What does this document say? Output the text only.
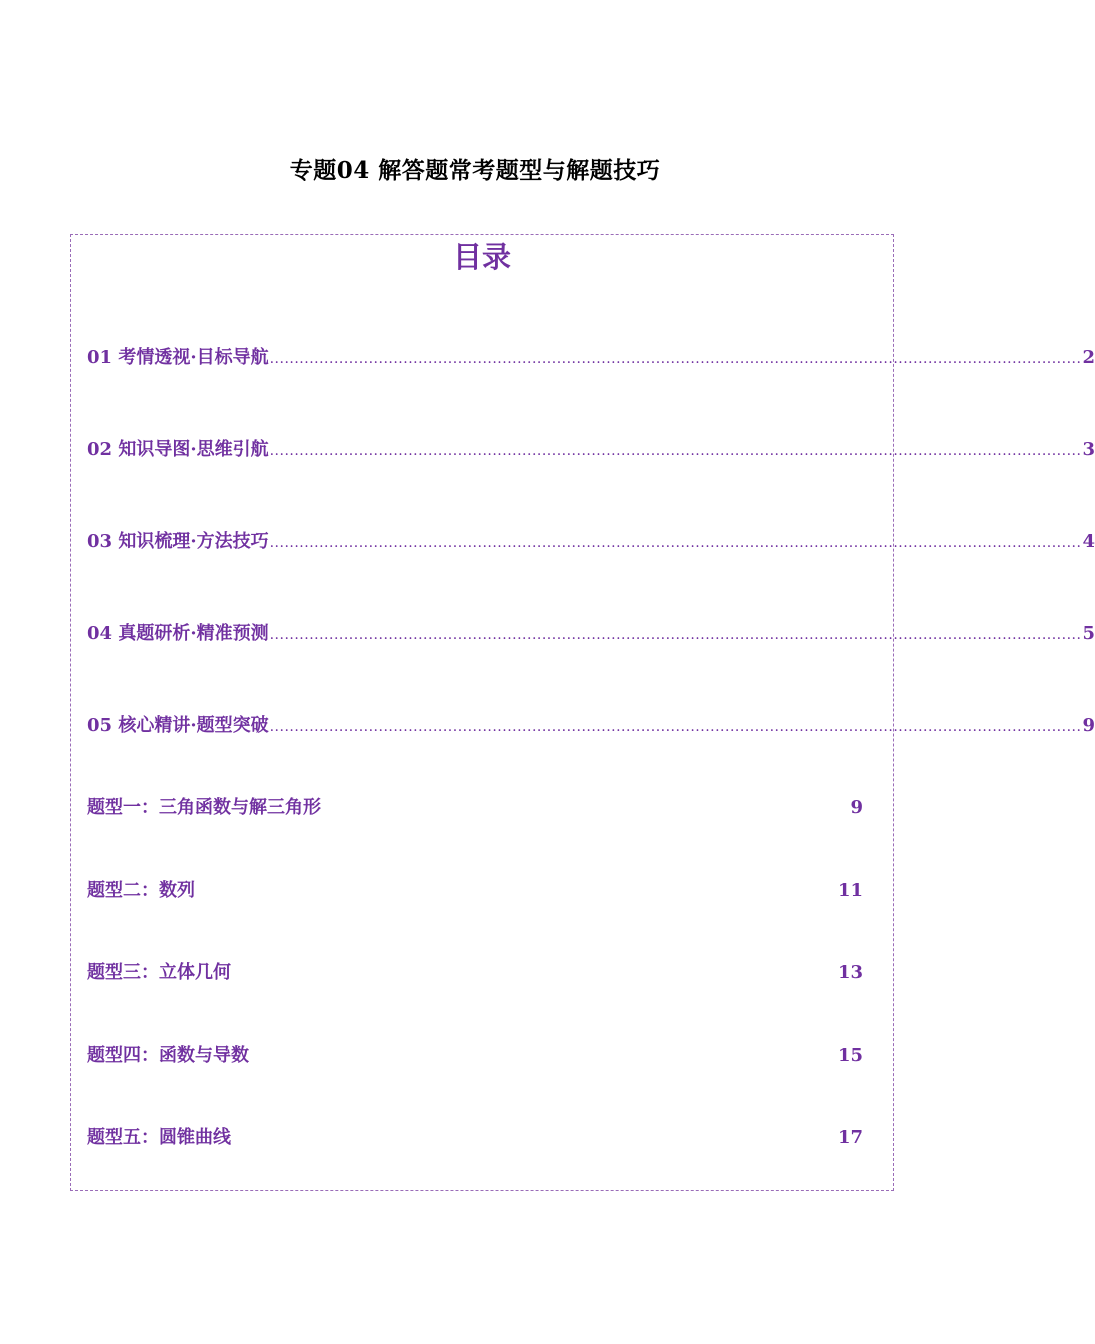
专题04 解答题常考题型与解题技巧
目录
01 考情透视·目标导航 .................................................................................................................................................................... 2
02 知识导图·思维引航 .................................................................................................................................................................... 3
03 知识梳理·方法技巧 .................................................................................................................................................................... 4
04 真题研析·精准预测 .................................................................................................................................................................... 5
05 核心精讲·题型突破 .................................................................................................................................................................... 9
题型一：三角函数与解三角形	9
题型二：数列	11
题型三：立体几何	13
题型四：函数与导数	15
题型五：圆锥曲线	17
